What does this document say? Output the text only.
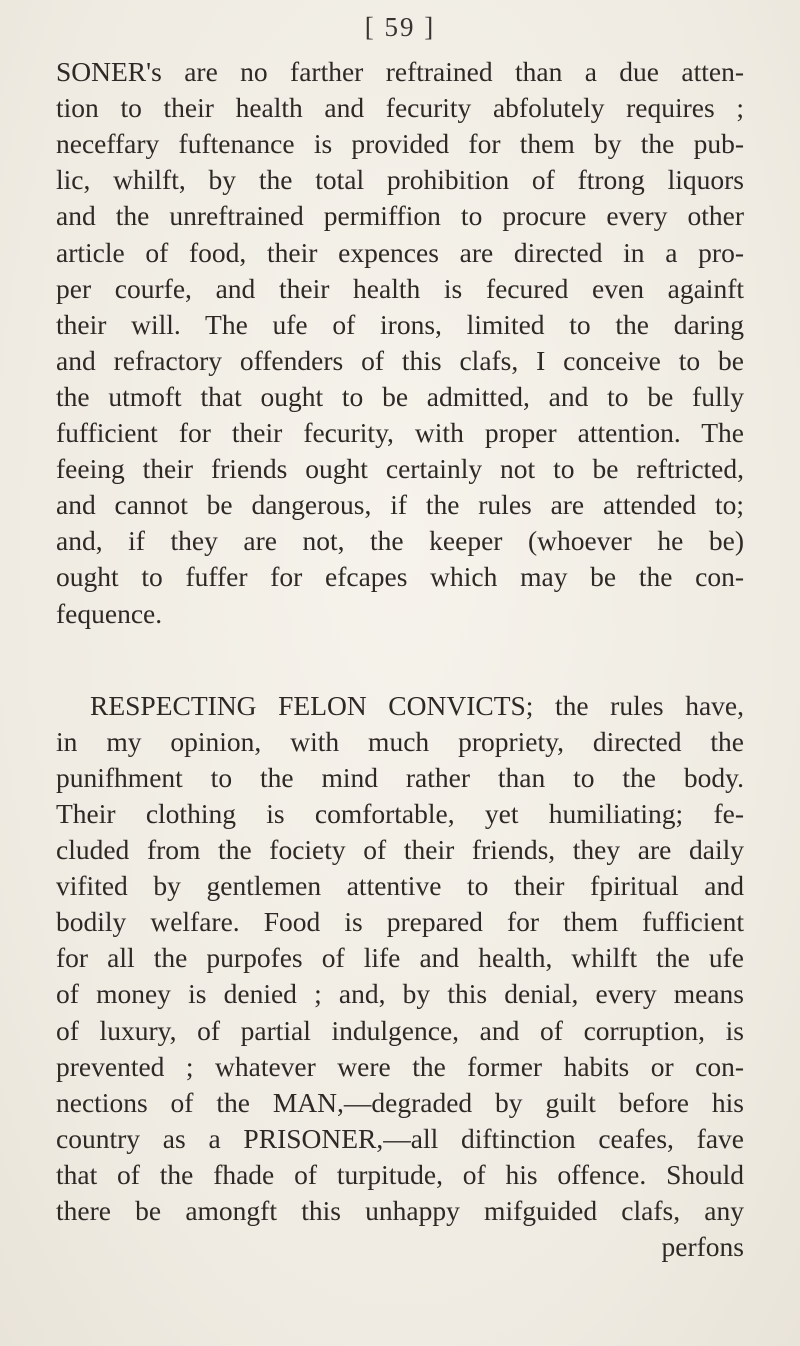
[ 59 ]
SONER's are no farther reftrained than a due atten-
tion to their health and fecurity abfolutely requires ;
neceffary fuftenance is provided for them by the pub-
lic, whilft, by the total prohibition of ftrong liquors
and the unreftrained permiffion to procure every other
article of food, their expences are directed in a pro-
per courfe, and their health is fecured even againft
their will. The ufe of irons, limited to the daring
and refractory offenders of this clafs, I conceive to be
the utmoft that ought to be admitted, and to be fully
fufficient for their fecurity, with proper attention. The
feeing their friends ought certainly not to be reftricted,
and cannot be dangerous, if the rules are attended to;
and, if they are not, the keeper (whoever he be)
ought to fuffer for efcapes which may be the con-
fequence.
RESPECTING FELON CONVICTS; the rules have,
in my opinion, with much propriety, directed the
punifhment to the mind rather than to the body.
Their clothing is comfortable, yet humiliating; fe-
cluded from the fociety of their friends, they are daily
vifited by gentlemen attentive to their fpiritual and
bodily welfare. Food is prepared for them fufficient
for all the purpofes of life and health, whilft the ufe
of money is denied ; and, by this denial, every means
of luxury, of partial indulgence, and of corruption, is
prevented ; whatever were the former habits or con-
nections of the MAN,—degraded by guilt before his
country as a PRISONER,—all diftinction ceafes, fave
that of the fhade of turpitude, of his offence. Should
there be amongft this unhappy mifguided clafs, any
perfons
